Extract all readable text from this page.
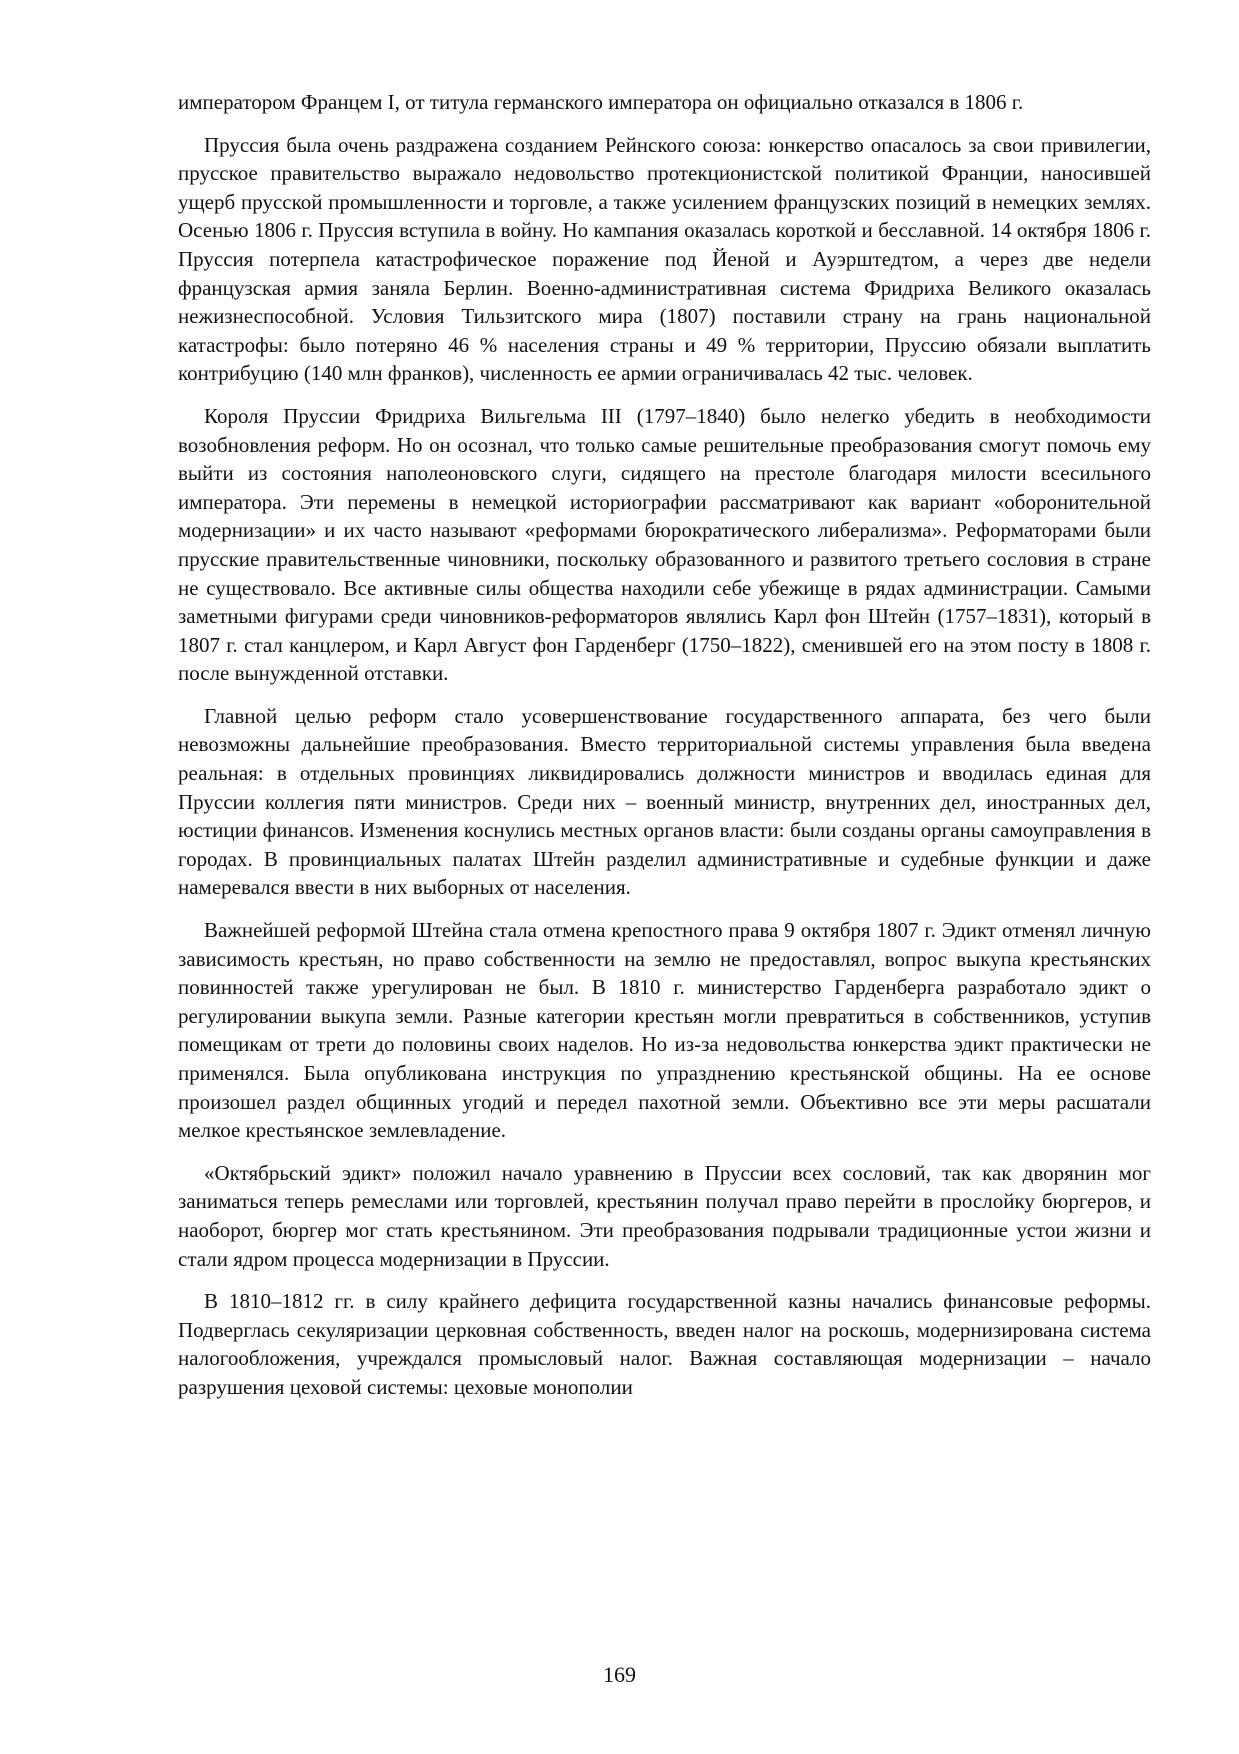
императором Францем I, от титула германского императора он официально отказался в 1806 г.

Пруссия была очень раздражена созданием Рейнского союза: юнкерство опасалось за свои привилегии, прусское правительство выражало недовольство протекционистской политикой Франции, наносившей ущерб прусской промышленности и торговле, а также усилением французских позиций в немецких землях. Осенью 1806 г. Пруссия вступила в войну. Но кампания оказалась короткой и бесславной. 14 октября 1806 г. Пруссия потерпела катастрофическое поражение под Йеной и Ауэрштедтом, а через две недели французская армия заняла Берлин. Военно-административная система Фридриха Великого оказалась нежизнеспособной. Условия Тильзитского мира (1807) поставили страну на грань национальной катастрофы: было потеряно 46 % населения страны и 49 % территории, Пруссию обязали выплатить контрибуцию (140 млн франков), численность ее армии ограничивалась 42 тыс. человек.

Короля Пруссии Фридриха Вильгельма III (1797–1840) было нелегко убедить в необходимости возобновления реформ. Но он осознал, что только самые решительные преобразования смогут помочь ему выйти из состояния наполеоновского слуги, сидящего на престоле благодаря милости всесильного императора. Эти перемены в немецкой историографии рассматривают как вариант «оборонительной модернизации» и их часто называют «реформами бюрократического либерализма». Реформаторами были прусские правительственные чиновники, поскольку образованного и развитого третьего сословия в стране не существовало. Все активные силы общества находили себе убежище в рядах администрации. Самыми заметными фигурами среди чиновников-реформаторов являлись Карл фон Штейн (1757–1831), который в 1807 г. стал канцлером, и Карл Август фон Гарденберг (1750–1822), сменившей его на этом посту в 1808 г. после вынужденной отставки.

Главной целью реформ стало усовершенствование государственного аппарата, без чего были невозможны дальнейшие преобразования. Вместо территориальной системы управления была введена реальная: в отдельных провинциях ликвидировались должности министров и вводилась единая для Пруссии коллегия пяти министров. Среди них – военный министр, внутренних дел, иностранных дел, юстиции финансов. Изменения коснулись местных органов власти: были созданы органы самоуправления в городах. В провинциальных палатах Штейн разделил административные и судебные функции и даже намеревался ввести в них выборных от населения.

Важнейшей реформой Штейна стала отмена крепостного права 9 октября 1807 г. Эдикт отменял личную зависимость крестьян, но право собственности на землю не предоставлял, вопрос выкупа крестьянских повинностей также урегулирован не был. В 1810 г. министерство Гарденберга разработало эдикт о регулировании выкупа земли. Разные категории крестьян могли превратиться в собственников, уступив помещикам от трети до половины своих наделов. Но из-за недовольства юнкерства эдикт практически не применялся. Была опубликована инструкция по упразднению крестьянской общины. На ее основе произошел раздел общинных угодий и передел пахотной земли. Объективно все эти меры расшатали мелкое крестьянское землевладение.

«Октябрьский эдикт» положил начало уравнению в Пруссии всех сословий, так как дворянин мог заниматься теперь ремеслами или торговлей, крестьянин получал право перейти в прослойку бюргеров, и наоборот, бюргер мог стать крестьянином. Эти преобразования подрывали традиционные устои жизни и стали ядром процесса модернизации в Пруссии.

В 1810–1812 гг. в силу крайнего дефицита государственной казны начались финансовые реформы. Подверглась секуляризации церковная собственность, введен налог на роскошь, модернизирована система налогообложения, учреждался промысловый налог. Важная составляющая модернизации – начало разрушения цеховой системы: цеховые монополии

169
